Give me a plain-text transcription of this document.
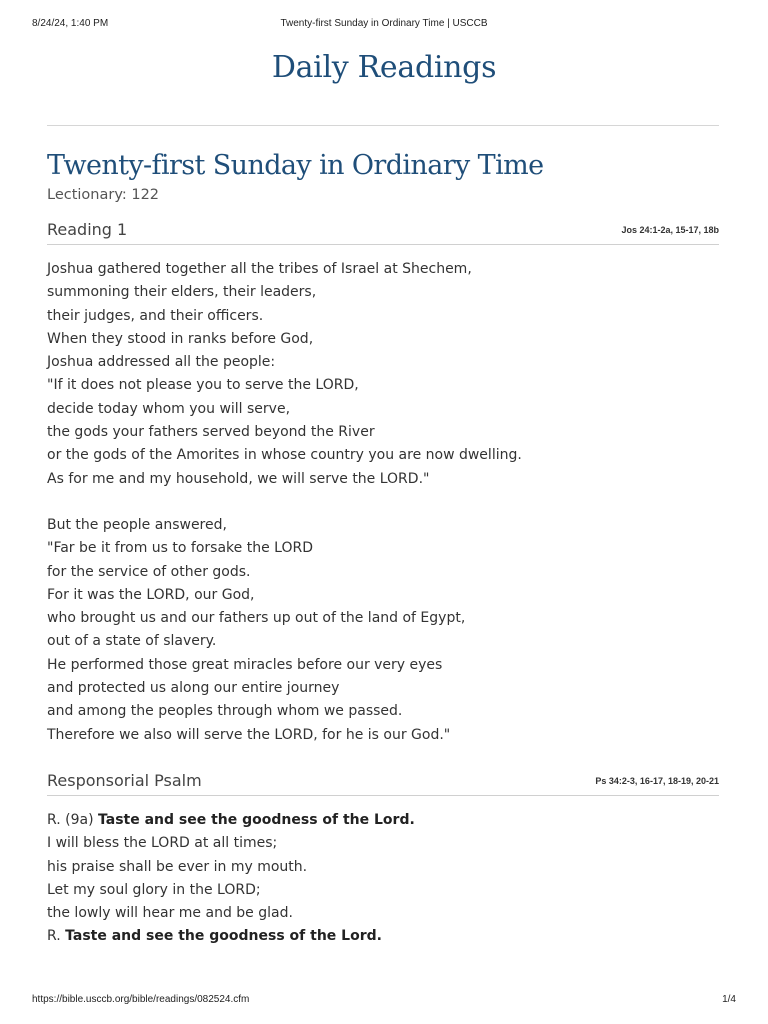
8/24/24, 1:40 PM	Twenty-first Sunday in Ordinary Time | USCCB
Daily Readings
Twenty-first Sunday in Ordinary Time
Lectionary: 122
Reading 1	Jos 24:1-2a, 15-17, 18b
Joshua gathered together all the tribes of Israel at Shechem,
summoning their elders, their leaders,
their judges, and their officers.
When they stood in ranks before God,
Joshua addressed all the people:
"If it does not please you to serve the LORD,
decide today whom you will serve,
the gods your fathers served beyond the River
or the gods of the Amorites in whose country you are now dwelling.
As for me and my household, we will serve the LORD."
But the people answered,
"Far be it from us to forsake the LORD
for the service of other gods.
For it was the LORD, our God,
who brought us and our fathers up out of the land of Egypt,
out of a state of slavery.
He performed those great miracles before our very eyes
and protected us along our entire journey
and among the peoples through whom we passed.
Therefore we also will serve the LORD, for he is our God."
Responsorial Psalm	Ps 34:2-3, 16-17, 18-19, 20-21
R. (9a) Taste and see the goodness of the Lord.
I will bless the LORD at all times;
his praise shall be ever in my mouth.
Let my soul glory in the LORD;
the lowly will hear me and be glad.
R. Taste and see the goodness of the Lord.
https://bible.usccb.org/bible/readings/082524.cfm	1/4
